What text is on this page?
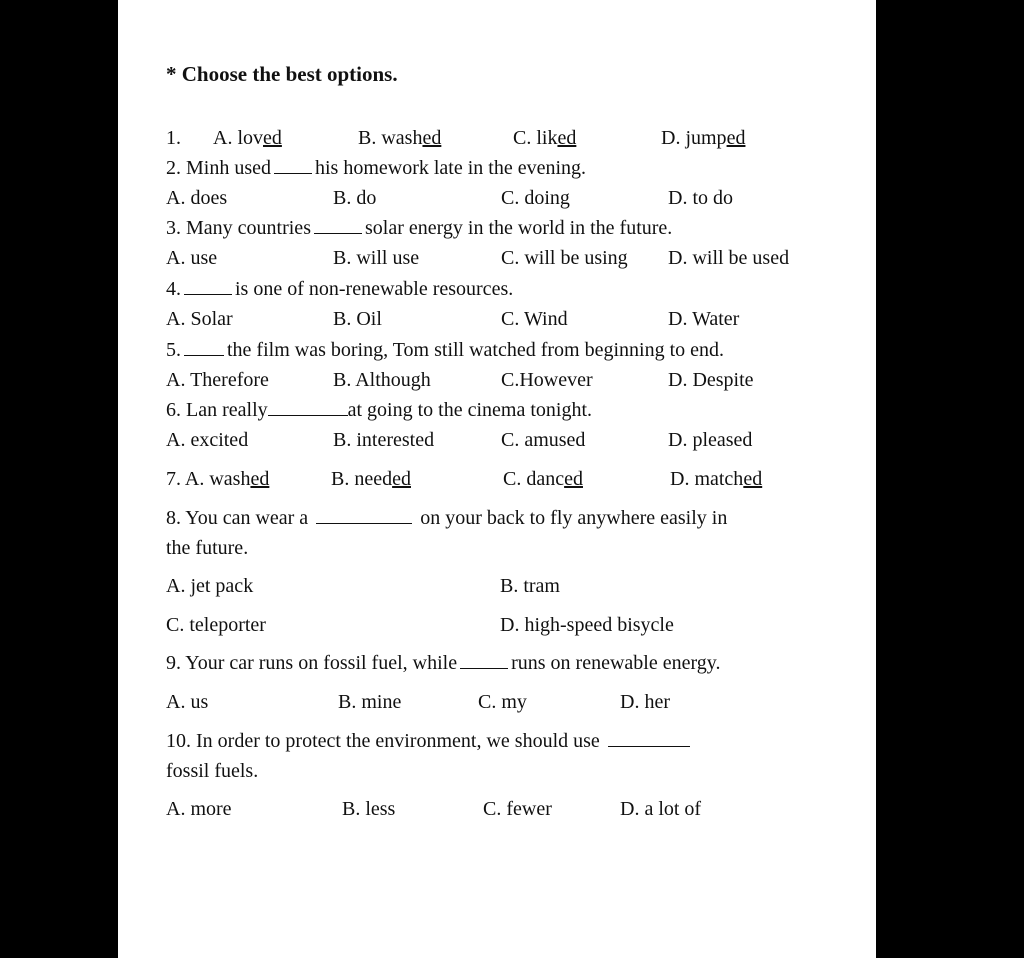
* Choose the best options.
1. A. loved	B. washed	C. liked	D. jumped
2. Minh used his homework late in the evening.
A. does	B. do	C. doing	D. to do
3. Many countries	solar energy in the world in the future.
A. use	B. will use	C. will be using D. will be used
4.	is one of non-renewable resources.
A. Solar	B. Oil	C. Wind	D. Water
5. the film was boring, Tom still watched from beginning to end.
A. Therefore	B. Although	C.However	D. Despite
6. Lan really	at going to the cinema tonight.
A. excited	B. interested	C. amused	D. pleased
7. A. washed	B. needed	C. danced	D. matched
8. You can wear a	on your back to fly anywhere easily in
the future.
A. jet pack	B. tram
C. teleporter	D. high-speed bisycle
9. Your car runs on fossil fuel, while	runs on renewable energy.
A. us	B. mine	C. my	D. her
10. In order to protect the environment, we should use
fossil fuels.
A. more	B. less	C. fewer	D. a lot of
